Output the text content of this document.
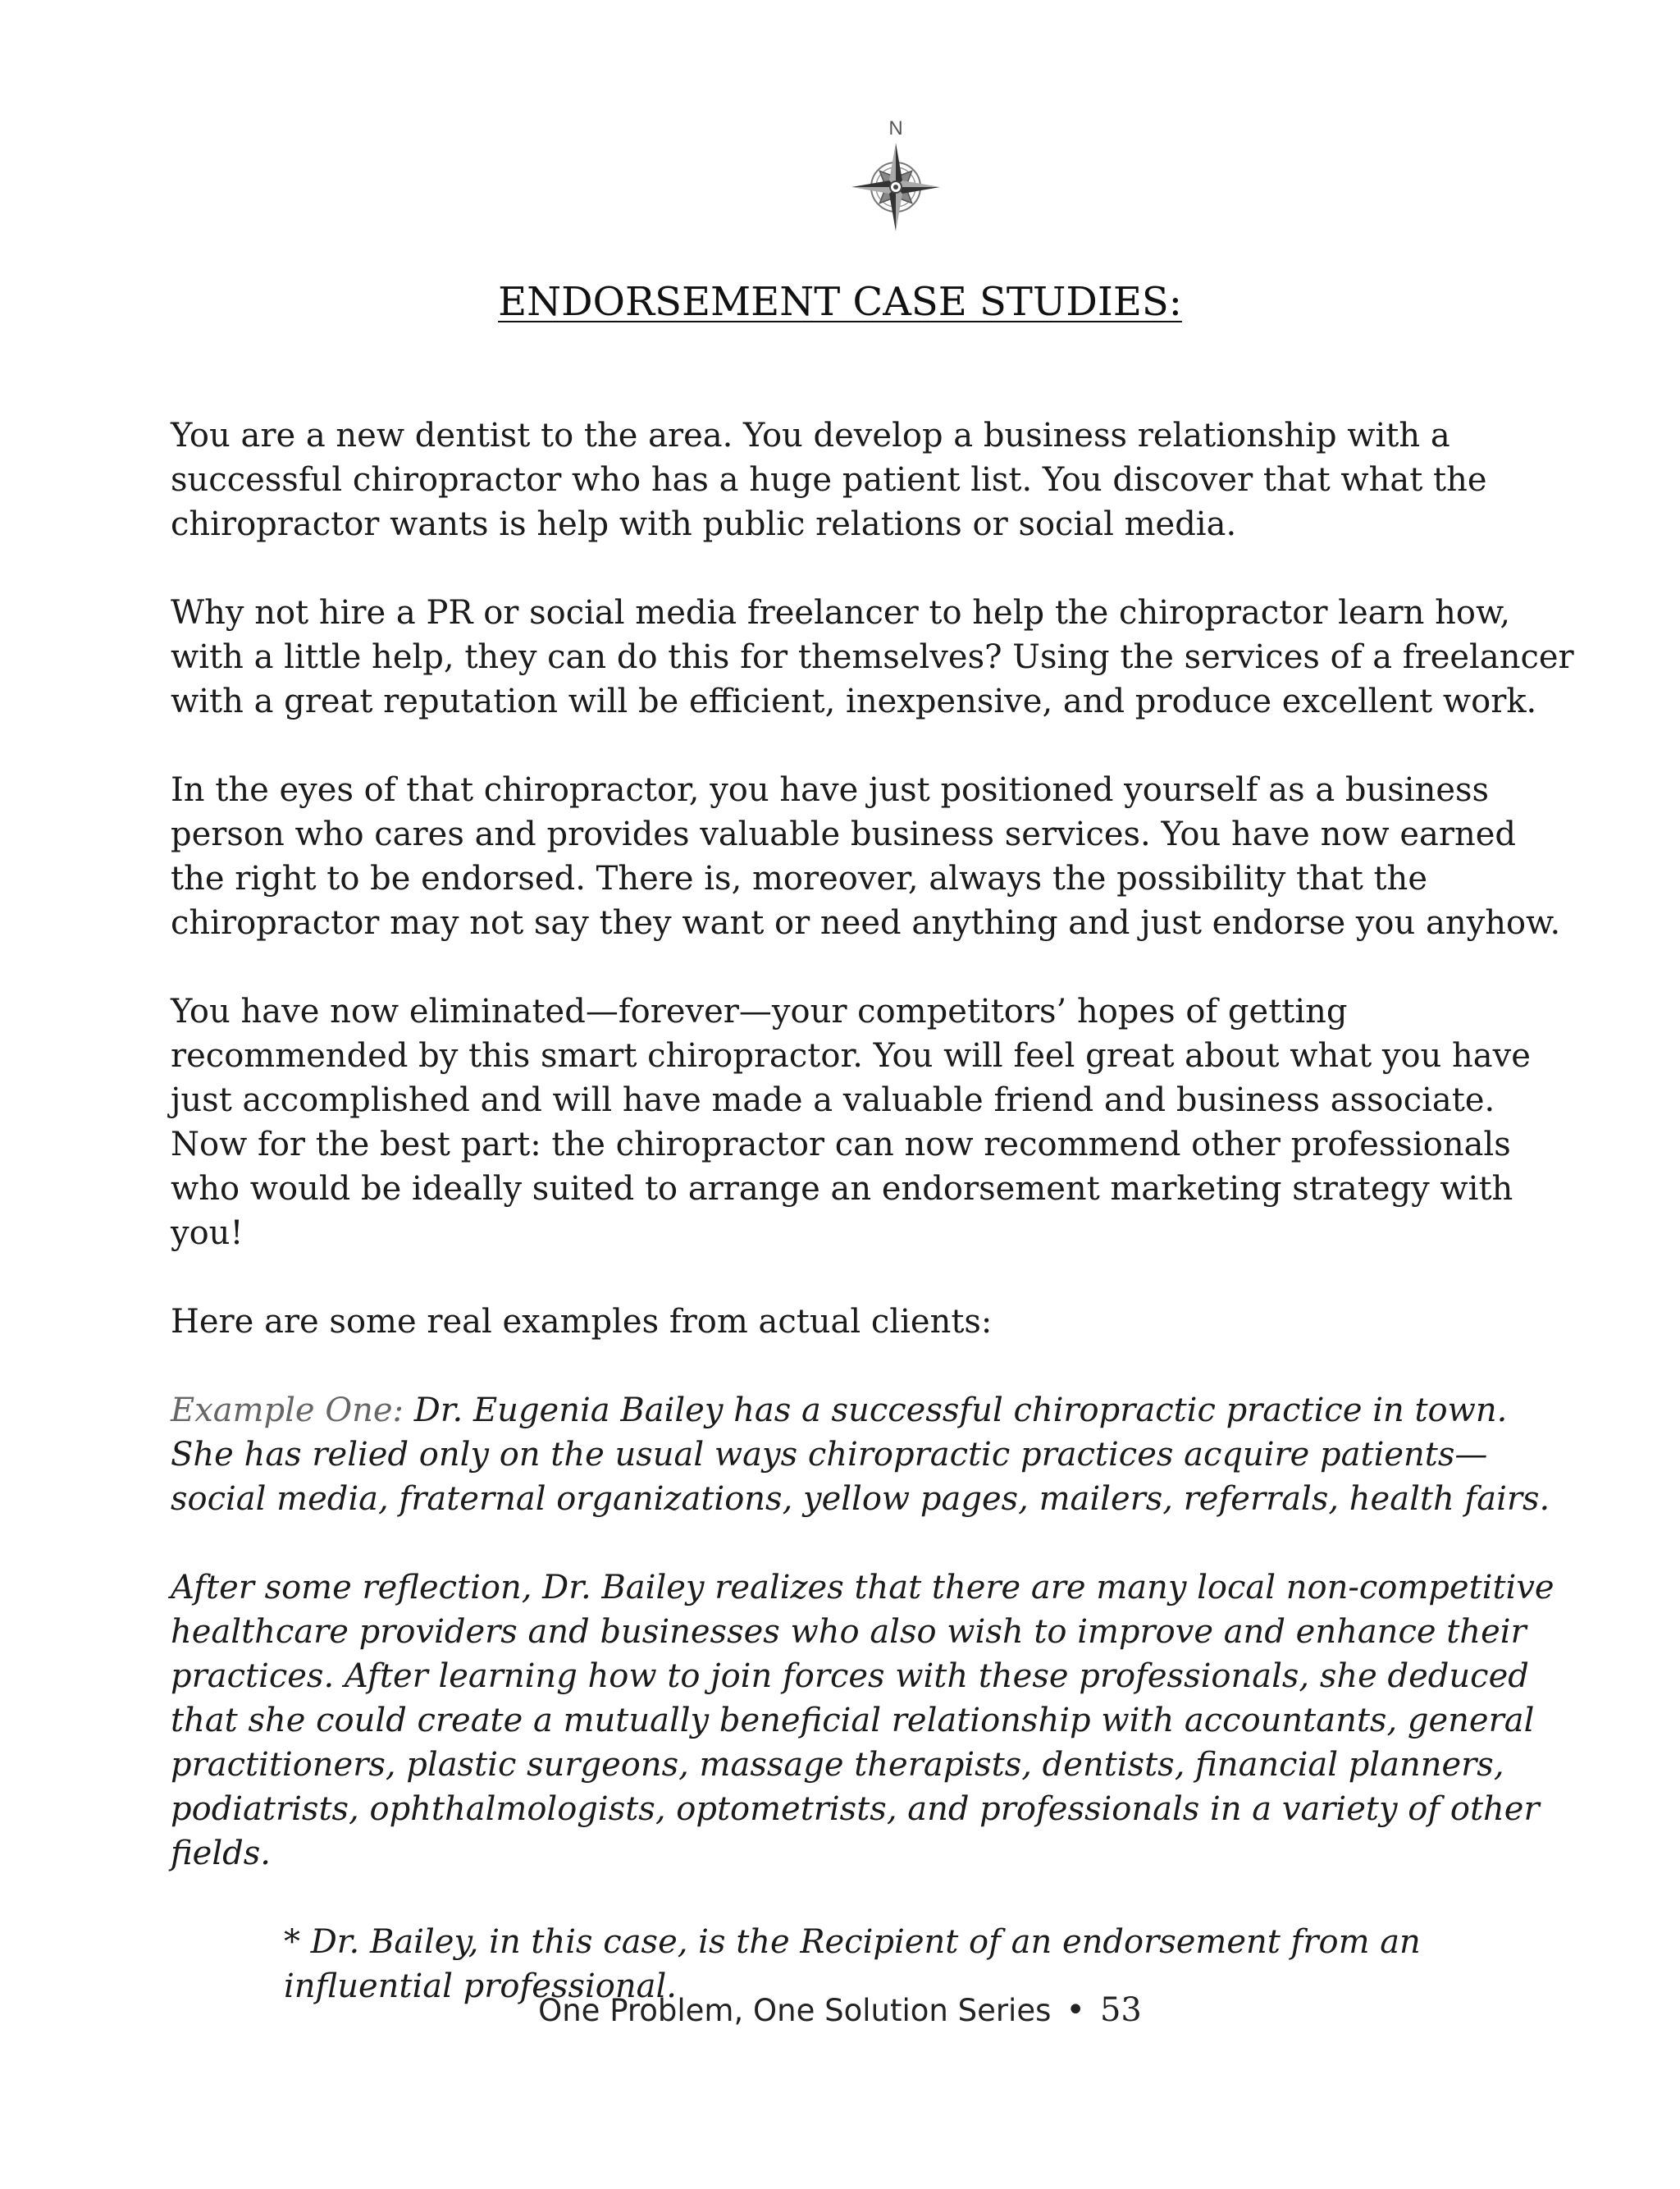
N
ENDORSEMENT CASE STUDIES:

You are a new dentist to the area. You develop a business relationship with a successful chiropractor who has a huge patient list. You discover that what the chiropractor wants is help with public relations or social media.

Why not hire a PR or social media freelancer to help the chiropractor learn how, with a little help, they can do this for themselves? Using the services of a freelancer with a great reputation will be efficient, inexpensive, and produce excellent work.

In the eyes of that chiropractor, you have just positioned yourself as a business person who cares and provides valuable business services. You have now earned the right to be endorsed. There is, moreover, always the possibility that the chiropractor may not say they want or need anything and just endorse you anyhow.

You have now eliminated—forever—your competitors’ hopes of getting recommended by this smart chiropractor. You will feel great about what you have just accomplished and will have made a valuable friend and business associate. Now for the best part: the chiropractor can now recommend other professionals who would be ideally suited to arrange an endorsement marketing strategy with you!

Here are some real examples from actual clients:

Example One: Dr. Eugenia Bailey has a successful chiropractic practice in town. She has relied only on the usual ways chiropractic practices acquire patients—social media, fraternal organizations, yellow pages, mailers, referrals, health fairs.

After some reflection, Dr. Bailey realizes that there are many local non-competitive healthcare providers and businesses who also wish to improve and enhance their practices. After learning how to join forces with these professionals, she deduced that she could create a mutually beneficial relationship with accountants, general practitioners, plastic surgeons, massage therapists, dentists, financial planners, podiatrists, ophthalmologists, optometrists, and professionals in a variety of other fields.

* Dr. Bailey, in this case, is the Recipient of an endorsement from an influential professional.

One Problem, One Solution Series • 53
